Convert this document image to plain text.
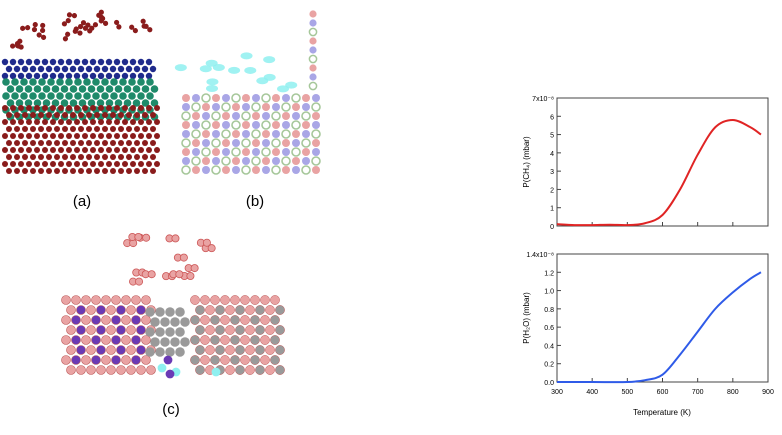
(a)	(b)
(c)
0
1
2
3
4
5
6
7x10⁻⁸
P(CH₄) (mbar)
0.0
0.2
0.4
0.6
0.8
1.0
1.2
1.4x10⁻⁸
300	400	500	600	700	800	900
P(H₂O) (mbar)
Temperature (K)
